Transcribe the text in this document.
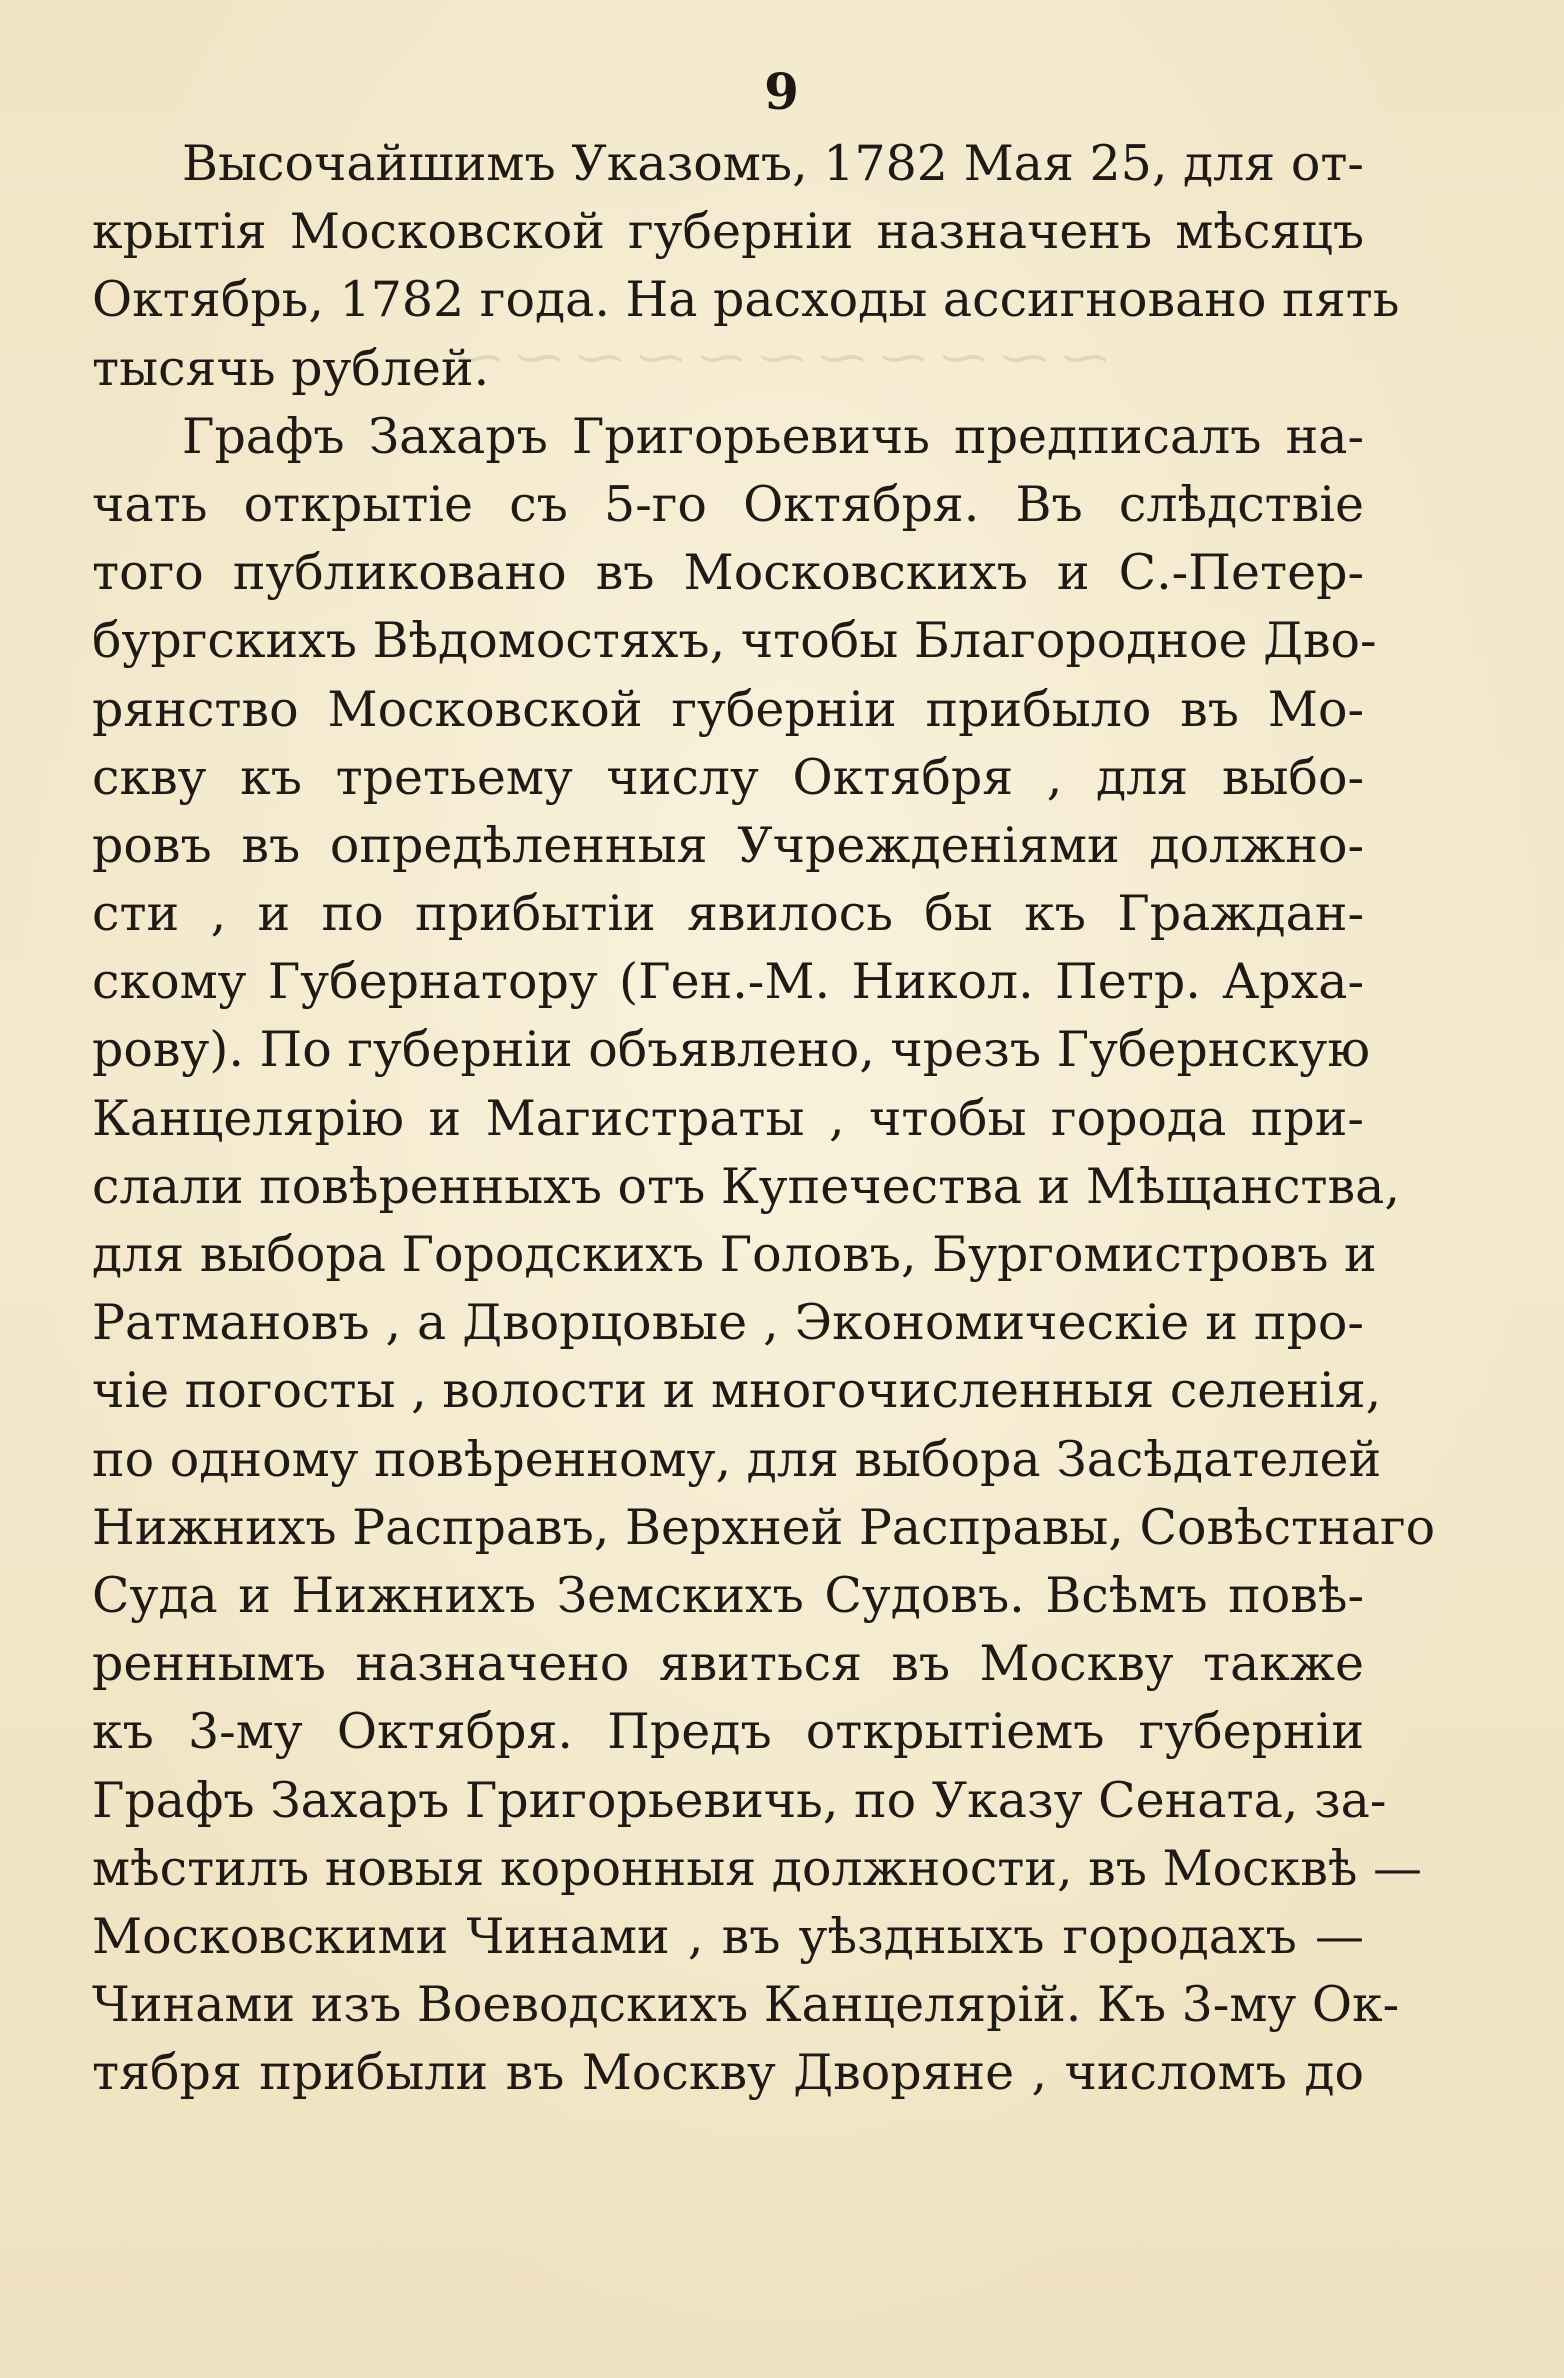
⁓ ⁓ ⁓ ⁓ ⁓ ⁓ ⁓ ⁓ ⁓ ⁓ ⁓
9
Высочайшимъ Указомъ, 1782 Мая 25, для от-
крытія Московской губерніи назначенъ мѣсяцъ
Октябрь, 1782 года. На расходы ассигновано пять
тысячь рублей.
Графъ Захаръ Григорьевичь предписалъ на-
чать открытіе съ 5-го Октября. Въ слѣдствіе
того публиковано въ Московскихъ и С.-Петер-
бургскихъ Вѣдомостяхъ, чтобы Благородное Дво-
рянство Московской губерніи прибыло въ Мо-
скву къ третьему числу Октября , для выбо-
ровъ въ опредѣленныя Учрежденіями должно-
сти , и по прибытіи явилось бы къ Граждан-
скому Губернатору (Ген.-М. Никол. Петр. Арха-
рову). По губерніи объявлено, чрезъ Губернскую
Канцелярію и Магистраты , чтобы города при-
слали повѣренныхъ отъ Купечества и Мѣщанства,
для выбора Городскихъ Головъ, Бургомистровъ и
Ратмановъ , а Дворцовые , Экономическіе и про-
чіе погосты , волости и многочисленныя селенія,
по одному повѣренному, для выбора Засѣдателей
Нижнихъ Расправъ, Верхней Расправы, Совѣстнаго
Суда и Нижнихъ Земскихъ Судовъ. Всѣмъ повѣ-
реннымъ назначено явиться въ Москву также
къ 3-му Октября. Предъ открытіемъ губерніи
Графъ Захаръ Григорьевичь, по Указу Сената, за-
мѣстилъ новыя коронныя должности, въ Москвѣ —
Московскими Чинами , въ уѣздныхъ городахъ —
Чинами изъ Воеводскихъ Канцелярій. Къ 3-му Ок-
тября прибыли въ Москву Дворяне , числомъ до
